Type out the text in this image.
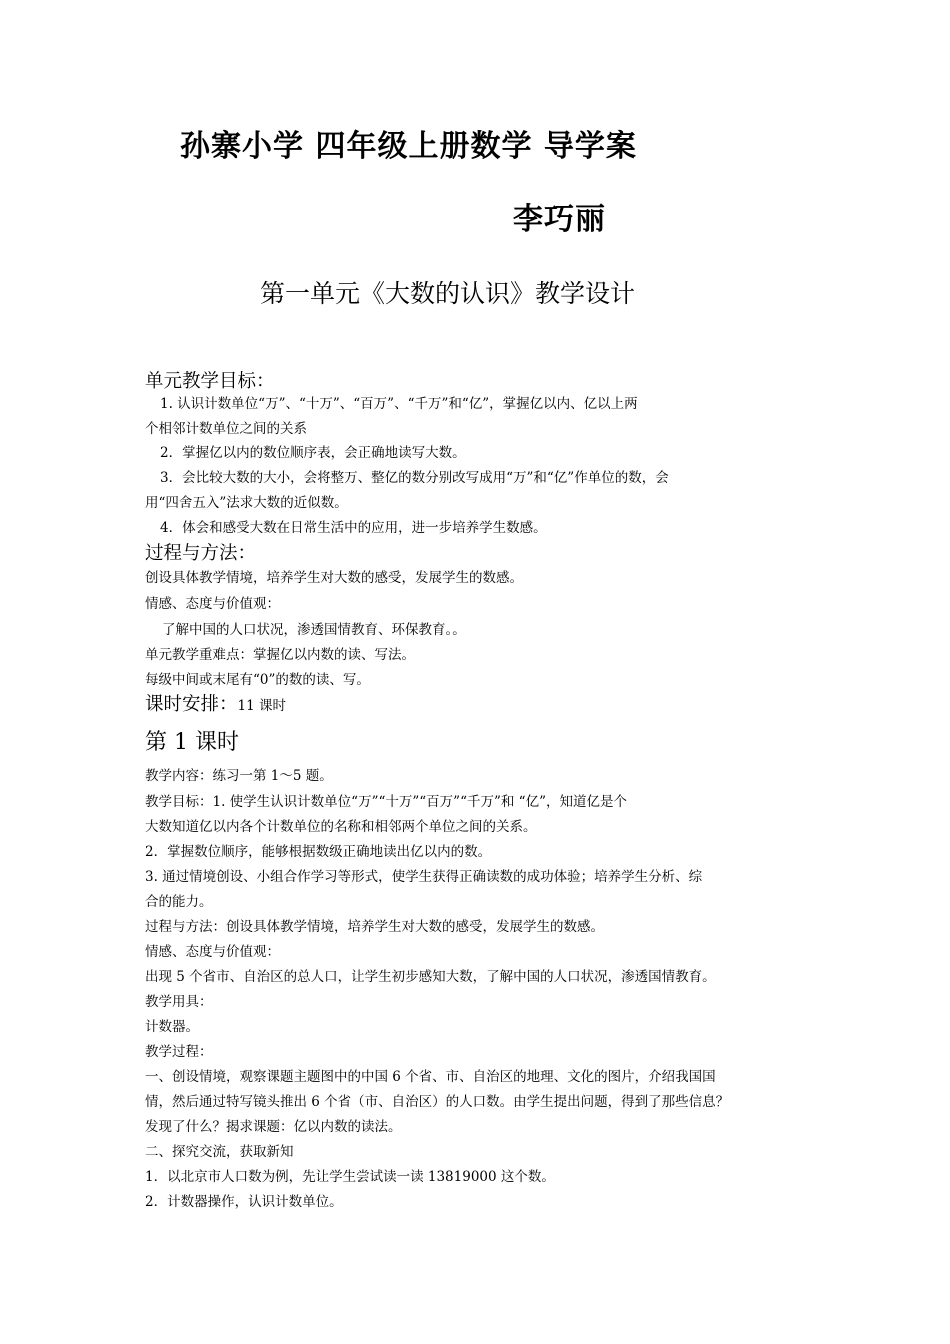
孙寨小学 四年级上册数学 导学案
李巧丽
第一单元《大数的认识》教学设计
单元教学目标：
1. 认识计数单位“万”、“十万”、“百万”、“千万”和“亿”，掌握亿以内、亿以上两
个相邻计数单位之间的关系
2．掌握亿以内的数位顺序表，会正确地读写大数。
3．会比较大数的大小，会将整万、整亿的数分别改写成用“万”和“亿”作单位的数，会
用“四舍五入”法求大数的近似数。
4．体会和感受大数在日常生活中的应用，进一步培养学生数感。
过程与方法：
创设具体教学情境，培养学生对大数的感受，发展学生的数感。
情感、态度与价值观：
了解中国的人口状况，渗透国情教育、环保教育。。
单元教学重难点：掌握亿以内数的读、写法。
每级中间或末尾有“0”的数的读、写。
课时安排：11 课时
第 1 课时
教学内容：练习一第 1～5 题。
教学目标：1. 使学生认识计数单位“万”“十万”“百万”“千万”和 “亿”，知道亿是个
大数知道亿以内各个计数单位的名称和相邻两个单位之间的关系。
2．掌握数位顺序，能够根据数级正确地读出亿以内的数。
3. 通过情境创设、小组合作学习等形式，使学生获得正确读数的成功体验；培养学生分析、综
合的能力。
过程与方法：创设具体教学情境，培养学生对大数的感受，发展学生的数感。
情感、态度与价值观：
出现 5 个省市、自治区的总人口，让学生初步感知大数，了解中国的人口状况，渗透国情教育。
教学用具：
计数器。
教学过程：
一、创设情境，观察课题主题图中的中国 6 个省、市、自治区的地理、文化的图片，介绍我国国
情，然后通过特写镜头推出 6 个省（市、自治区）的人口数。由学生提出问题，得到了那些信息？
发现了什么？揭求课题：亿以内数的读法。
二、探究交流，获取新知
1．以北京市人口数为例，先让学生尝试读一读 13819000 这个数。
2．计数器操作，认识计数单位。
